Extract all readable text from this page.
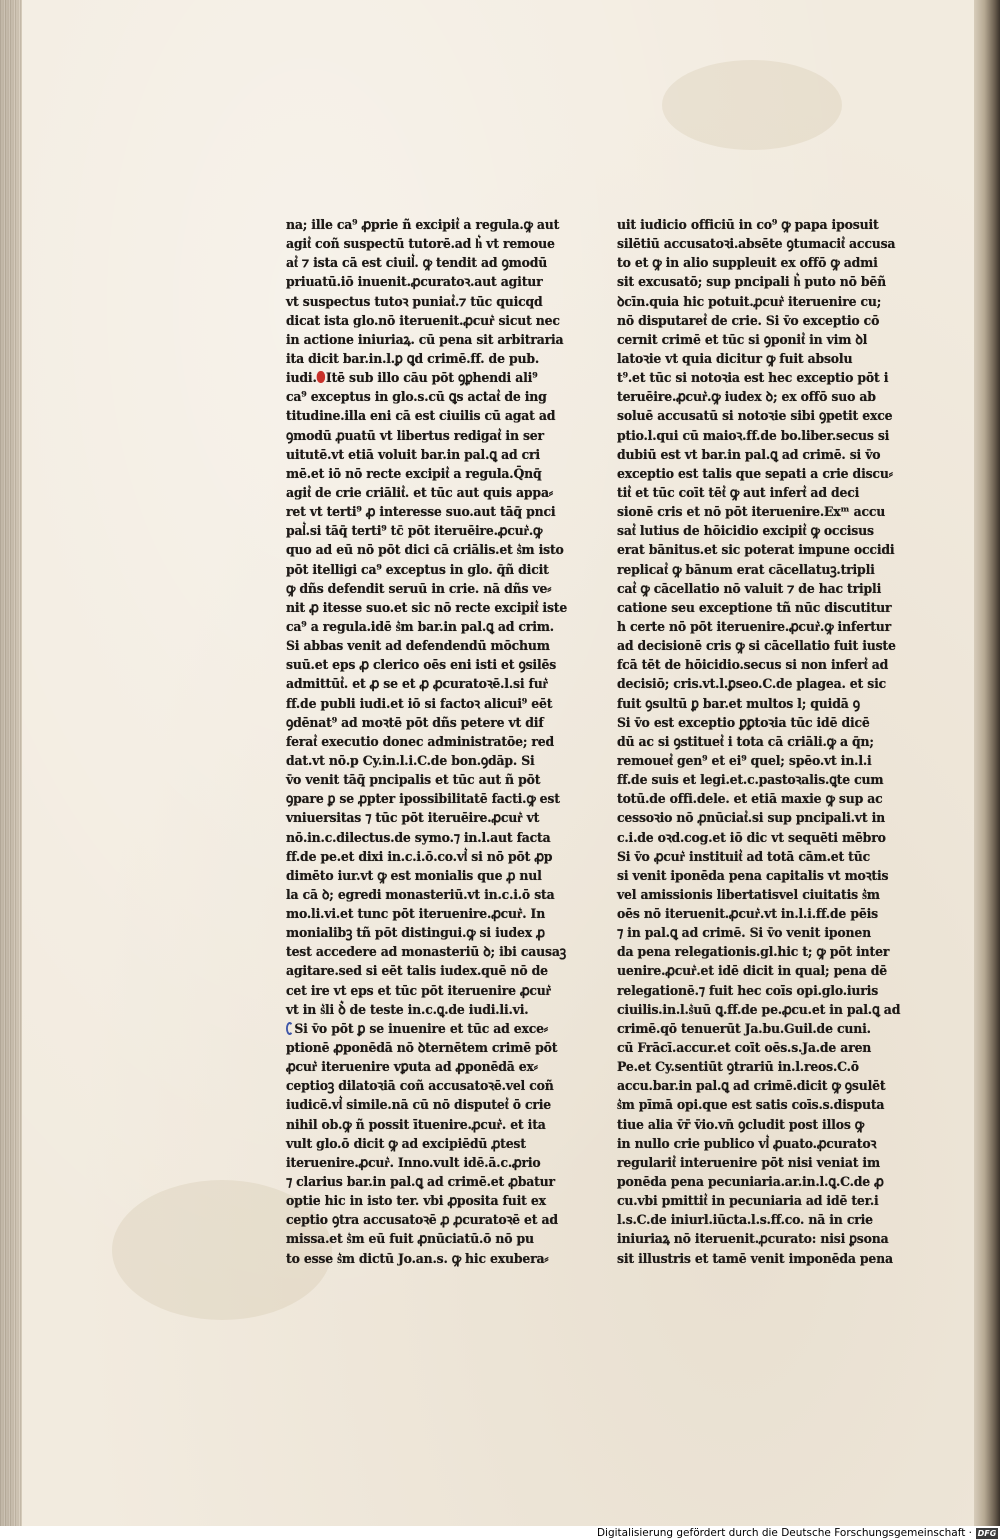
na; ille ca⁹ ꝓprie ñ excipit͛ a regula.ꝙ aut
agit͛ coñ suspectū tutorē.ad h͛ vt remoue
at͛ ⁊ ista cā est ciuil͛. ꝙ tendit ad ꝯmodū
priuatū.iō inuenit.ꝓcuratoꝛ.aut agitur
vt suspectus tutoꝛ puniat͛.⁊ tūc quicqd
dicat ista glo.nō iteruenit.ꝓcur͛ sicut nec
in actione iniuriaꝝ. cū pena sit arbitraria
ita dicit bar.in.l.ꝑ ꝗd crimē.ff. de pub.
iudi. Itē sub illo cāu pōt ꝯꝑhendi ali⁹
ca⁹ exceptus in glo.s.cū ꝗs actat͛ de ing
titudine.illa eni cā est ciuilis cū agat ad
ꝯmodū ꝓuatū vt libertus redigat͛ in ser
uitutē.vt etiā voluit bar.in pal.ꝗ ad cri
mē.et iō nō recte excipit͛ a regula.Q̄nq̄
agit͛ de crie criālit͛. et tūc aut quis appa⸗
ret vt terti⁹ ꝓ interesse suo.aut tāq̄ pnci
pal͛.si tāq̄ terti⁹ tc̄ pōt iteruēire.ꝓcur͛.ꝙ
quo ad eū nō pōt dici cā criālis.et s͛m isto
pōt itelligi ca⁹ exceptus in glo. q̄ñ dicit
ꝙ dñs defendit seruū in crie. nā dñs ve⸗
nit ꝓ itesse suo.et sic nō recte excipit͛ iste
ca⁹ a regula.idē s͛m bar.in pal.ꝗ ad crim.
Si abbas venit ad defendendū mōchum
suū.et eps ꝓ clerico oēs eni isti et ꝯsilēs
admittūt͛. et ꝓ se et ꝓ ꝓcuratoꝛē.l.si fur͛
ff.de publi iudi.et iō si factoꝛ alicui⁹ eēt
ꝯdēnat⁹ ad moꝛtē pōt dñs petere vt dif
ferat͛ executio donec administratōe; red
dat.vt nō.p Cy.in.l.i.C.de bon.ꝯdāp. Si
v̄o venit tāq̄ pncipalis et tūc aut ñ pōt
ꝯpare ꝑ se ꝓpter ipossibilitatē facti.ꝙ est
vniuersitas ⁊ tūc pōt iteruēire.ꝓcur͛ vt
nō.in.c.dilectus.de symo.⁊ in.l.aut facta
ff.de pe.et dixi in.c.i.ō.co.vl͛ si nō pōt ꝓp
dimēto iur.vt ꝙ est monialis que ꝓ nul
la cā ꝺ; egredi monasteriū.vt in.c.i.ō sta
mo.li.vi.et tunc pōt iteruenire.ꝓcur͛. In
monialibꝫ tñ pōt distingui.ꝙ si iudex ꝓ
test accedere ad monasteriū ꝺ; ibi causaꝫ
agitare.sed si eēt talis iudex.quē nō de
cet ire vt eps et tūc pōt iteruenire ꝓcur͛
vt in s͛li ꝺ͛ de teste in.c.ꝗ.de iudi.li.vi.
Si v̄o pōt ꝑ se inuenire et tūc ad exce⸗
ptionē ꝓponēdā nō ꝺternētem crimē pōt
ꝓcur͛ iteruenire vꝑuta ad ꝓponēdā ex⸗
ceptioꝫ dilatoꝛiā coñ accusatoꝛē.vel coñ
iudicē.vl͛ simile.nā cū nō disputet͛ ō crie
nihil ob.ꝙ ñ possit ītuenire.ꝓcur͛. et ita
vult glo.ō dicit ꝙ ad excipiēdū ꝓtest
iteruenire.ꝓcur͛. Inno.vult idē.ā.c.ꝓrio
⁊ clarius bar.in pal.ꝗ ad crimē.et ꝓbatur
optie hic in isto ter. vbi ꝓposita fuit ex
ceptio ꝯtra accusatoꝛē ꝓ ꝓcuratoꝛē et ad
missa.et s͛m eū fuit ꝓnūciatū.ō nō pu
to esse s͛m dictū Jo.an.s. ꝙ hic exubera⸗
uit iudicio officiū in co⁹ ꝙ papa iposuit
silētiū accusatoꝛi.absēte ꝯtumacit͛ accusa
to et ꝙ in alio suppleuit ex offō ꝙ admi
sit excusatō; sup pncipali h͛ puto nō bēñ
ꝺcīn.quia hic potuit.ꝓcur͛ iteruenire cu;
nō disputaret͛ de crie. Si v̄o exceptio cō
cernit crimē et tūc si ꝯponit͛ in vim ꝺl
latoꝛie vt quia dicitur ꝙ fuit absolu
t⁹.et tūc si notoꝛia est hec exceptio pōt i
teruēire.ꝓcur͛.ꝙ iudex ꝺ; ex offō suo ab
soluē accusatū si notoꝛie sibi ꝯpetit exce
ptio.l.qui cū maioꝛ.ff.de bo.liber.secus si
dubiū est vt bar.in pal.ꝗ ad crimē. si v̄o
exceptio est talis que sepati a crie discu⸗
tit͛ et tūc coīt tēt͛ ꝙ aut infert͛ ad deci
sionē cris et nō pōt iteruenire.Exᵐ accu
sat͛ lutius de hōicidio excipit͛ ꝙ occisus
erat bānitus.et sic poterat impune occidi
replicat͛ ꝙ bānum erat cācellatuꝫ.tripli
cat͛ ꝙ cācellatio nō valuit ⁊ de hac tripli
catione seu exceptione tñ nūc discutitur
h certe nō pōt iteruenire.ꝓcur͛.ꝙ infertur
ad decisionē cris ꝙ si cācellatio fuit iuste
fcā tēt de hōicidio.secus si non infert͛ ad
decisiō; cris.vt.l.ꝑseo.C.de plagea. et sic
fuit ꝯsultū ꝑ bar.et multos l; quidā ꝯ
Si v̄o est exceptio ꝑꝑtoꝛia tūc idē dicē
dū ac si ꝯstituet͛ i tota cā criāli.ꝙ a q̄n;
remouet͛ gen⁹ et ei⁹ quel; spēo.vt in.l.i
ff.de suis et legi.et.c.pastoꝛalis.ꝗte cum
totū.de offi.dele. et etiā maxie ꝙ sup ac
cessoꝛio nō ꝓnūciat͛.si sup pncipali.vt in
c.i.de oꝛd.cog.et iō dic vt sequēti mēbro
Si v̄o ꝓcur͛ instituit͛ ad totā cām.et tūc
si venit iponēda pena capitalis vt moꝛtis
vel amissionis libertatisvel ciuitatis s͛m
oēs nō iteruenit.ꝓcur͛.vt in.l.i.ff.de pēis
⁊ in pal.ꝗ ad crimē. Si v̄o venit iponen
da pena relegationis.gl.hic t; ꝙ pōt inter
uenire.ꝓcur͛.et idē dicit in qual; pena dē
relegationē.⁊ fuit hec coīs opi.glo.iuris
ciuilis.in.l.s͛uū ꝗ.ff.de pe.ꝓcu.et in pal.ꝗ ad
crimē.qō tenuerūt Ja.bu.Guil.de cuni.
cū Frācī.accur.et coīt oēs.s.Ja.de aren
Pe.et Cy.sentiūt ꝯtrariū in.l.reos.C.ō
accu.bar.in pal.ꝗ ad crimē.dicit ꝙ ꝯsulēt
s͛m pīmā opi.que est satis coīs.s.disputa
tiue alia v̄r̄ v̄io.vn̄ ꝯcludit post illos ꝙ
in nullo crie publico vl͛ ꝓuato.ꝓcuratoꝛ
regularit͛ interuenire pōt nisi veniat im
ponēda pena pecuniaria.ar.in.l.ꝗ.C.de ꝓ
cu.vbi pmittit͛ in pecuniaria ad idē ter.i
l.s.C.de iniurl.iūcta.l.s.ff.co. nā in crie
iniuriaꝝ nō iteruenit.ꝓcurato: nisi ꝑsona
sit illustris et tamē venit imponēda pena
Digitalisierung gefördert durch die Deutsche Forschungsgemeinschaft · DFG
